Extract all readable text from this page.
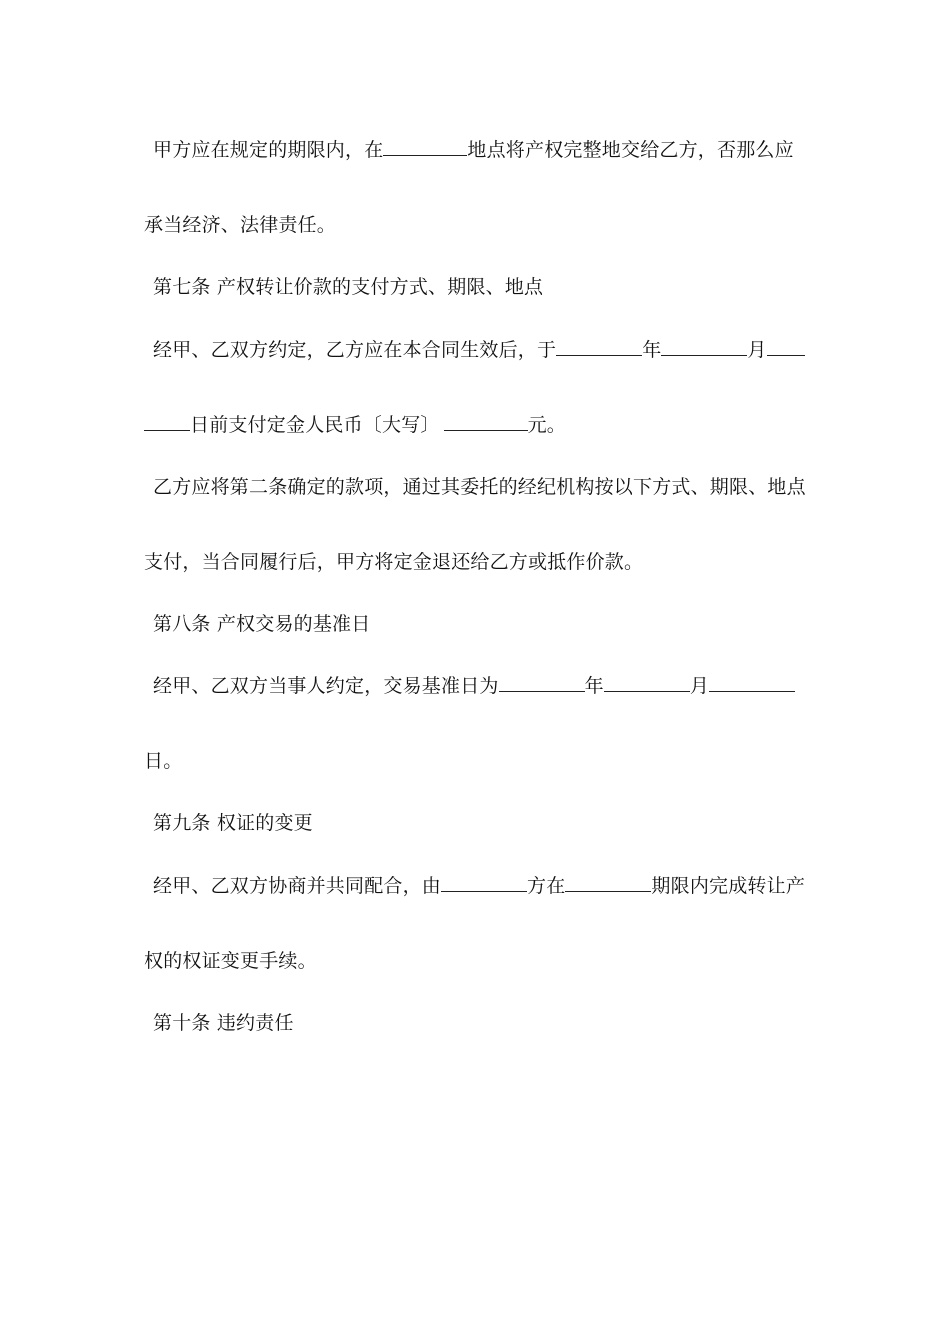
甲方应在规定的期限内，在	地点将产权完整地交给乙方，否那么应
承当经济、法律责任。
第七条 产权转让价款的支付方式、期限、地点
经甲、乙双方约定，乙方应在本合同生效后，于	年	月
日前支付定金人民币〔大写〕	元。
乙方应将第二条确定的款项，通过其委托的经纪机构按以下方式、期限、地点
支付，当合同履行后，甲方将定金退还给乙方或抵作价款。
第八条 产权交易的基准日
经甲、乙双方当事人约定，交易基准日为	年	月
日。
第九条 权证的变更
经甲、乙双方协商并共同配合，由	方在	期限内完成转让产
权的权证变更手续。
第十条 违约责任
